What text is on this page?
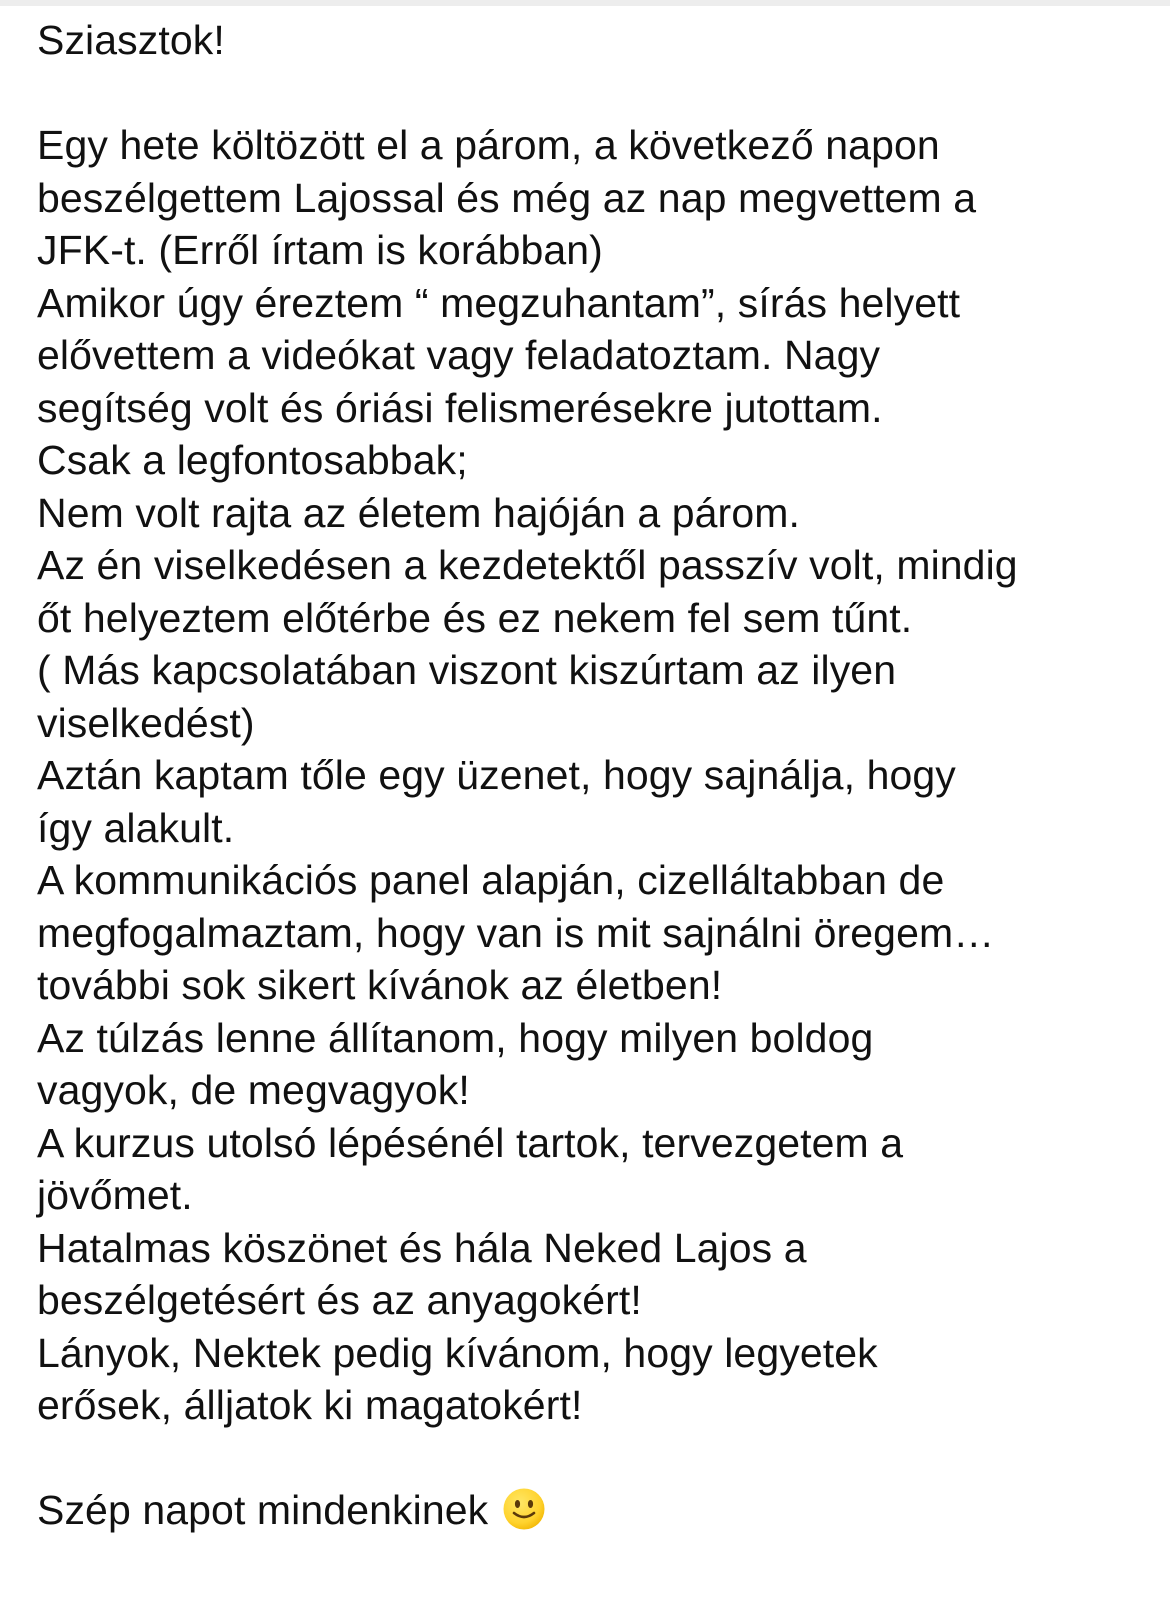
Sziasztok!
Egy hete költözött el a párom, a következő napon
beszélgettem Lajossal és még az nap megvettem a
JFK-t. (Erről írtam is korábban)
Amikor úgy éreztem “ megzuhantam”, sírás helyett
elővettem a videókat vagy feladatoztam. Nagy
segítség volt és óriási felismerésekre jutottam.
Csak a legfontosabbak;
Nem volt rajta az életem hajóján a párom.
Az én viselkedésen a kezdetektől passzív volt, mindig
őt helyeztem előtérbe és ez nekem fel sem tűnt.
( Más kapcsolatában viszont kiszúrtam az ilyen
viselkedést)
Aztán kaptam tőle egy üzenet, hogy sajnálja, hogy
így alakult.
A kommunikációs panel alapján, cizelláltabban de
megfogalmaztam, hogy van is mit sajnálni öregem…
további sok sikert kívánok az életben!
Az túlzás lenne állítanom, hogy milyen boldog
vagyok, de megvagyok!
A kurzus utolsó lépésénél tartok, tervezgetem a
jövőmet.
Hatalmas köszönet és hála Neked Lajos a
beszélgetésért és az anyagokért!
Lányok, Nektek pedig kívánom, hogy legyetek
erősek, álljatok ki magatokért!
Szép napot mindenkinek
